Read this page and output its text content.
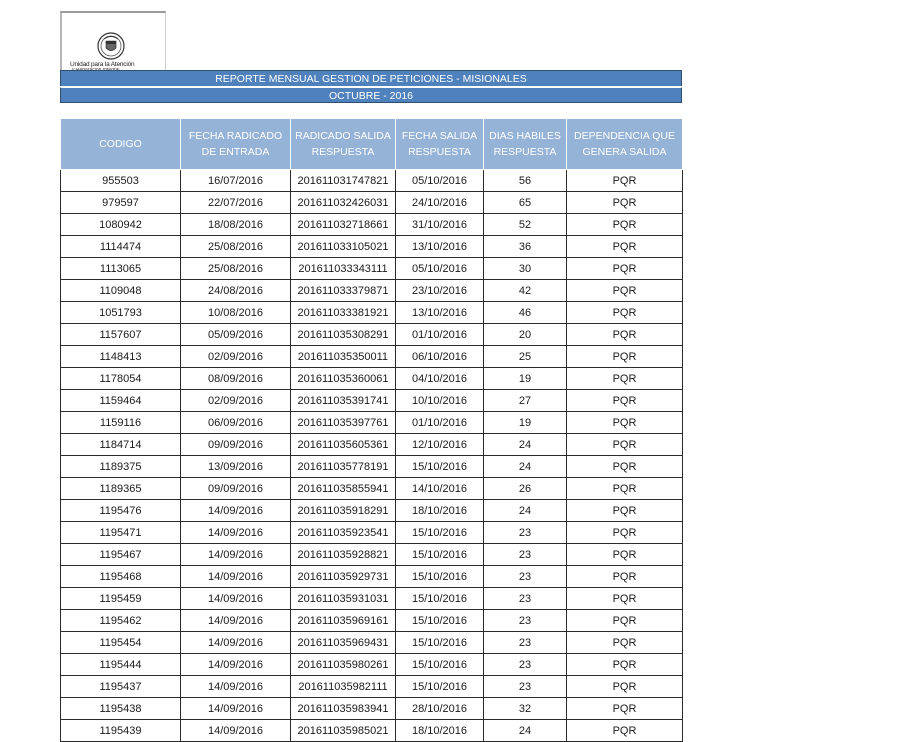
Unidad para la Atención
REPORTE MENSUAL GESTION DE PETICIONES - MISIONALES
OCTUBRE - 2016
CODIGO	FECHA RADICADO DE ENTRADA	RADICADO SALIDA RESPUESTA	FECHA SALIDA RESPUESTA	DIAS HABILES RESPUESTA	DEPENDENCIA QUE GENERA SALIDA
955503	16/07/2016	201611031747821	05/10/2016	56	PQR
979597	22/07/2016	201611032426031	24/10/2016	65	PQR
1080942	18/08/2016	201611032718661	31/10/2016	52	PQR
1114474	25/08/2016	201611033105021	13/10/2016	36	PQR
1113065	25/08/2016	201611033343111	05/10/2016	30	PQR
1109048	24/08/2016	201611033379871	23/10/2016	42	PQR
1051793	10/08/2016	201611033381921	13/10/2016	46	PQR
1157607	05/09/2016	201611035308291	01/10/2016	20	PQR
1148413	02/09/2016	201611035350011	06/10/2016	25	PQR
1178054	08/09/2016	201611035360061	04/10/2016	19	PQR
1159464	02/09/2016	201611035391741	10/10/2016	27	PQR
1159116	06/09/2016	201611035397761	01/10/2016	19	PQR
1184714	09/09/2016	201611035605361	12/10/2016	24	PQR
1189375	13/09/2016	201611035778191	15/10/2016	24	PQR
1189365	09/09/2016	201611035855941	14/10/2016	26	PQR
1195476	14/09/2016	201611035918291	18/10/2016	24	PQR
1195471	14/09/2016	201611035923541	15/10/2016	23	PQR
1195467	14/09/2016	201611035928821	15/10/2016	23	PQR
1195468	14/09/2016	201611035929731	15/10/2016	23	PQR
1195459	14/09/2016	201611035931031	15/10/2016	23	PQR
1195462	14/09/2016	201611035969161	15/10/2016	23	PQR
1195454	14/09/2016	201611035969431	15/10/2016	23	PQR
1195444	14/09/2016	201611035980261	15/10/2016	23	PQR
1195437	14/09/2016	201611035982111	15/10/2016	23	PQR
1195438	14/09/2016	201611035983941	28/10/2016	32	PQR
1195439	14/09/2016	201611035985021	18/10/2016	24	PQR
